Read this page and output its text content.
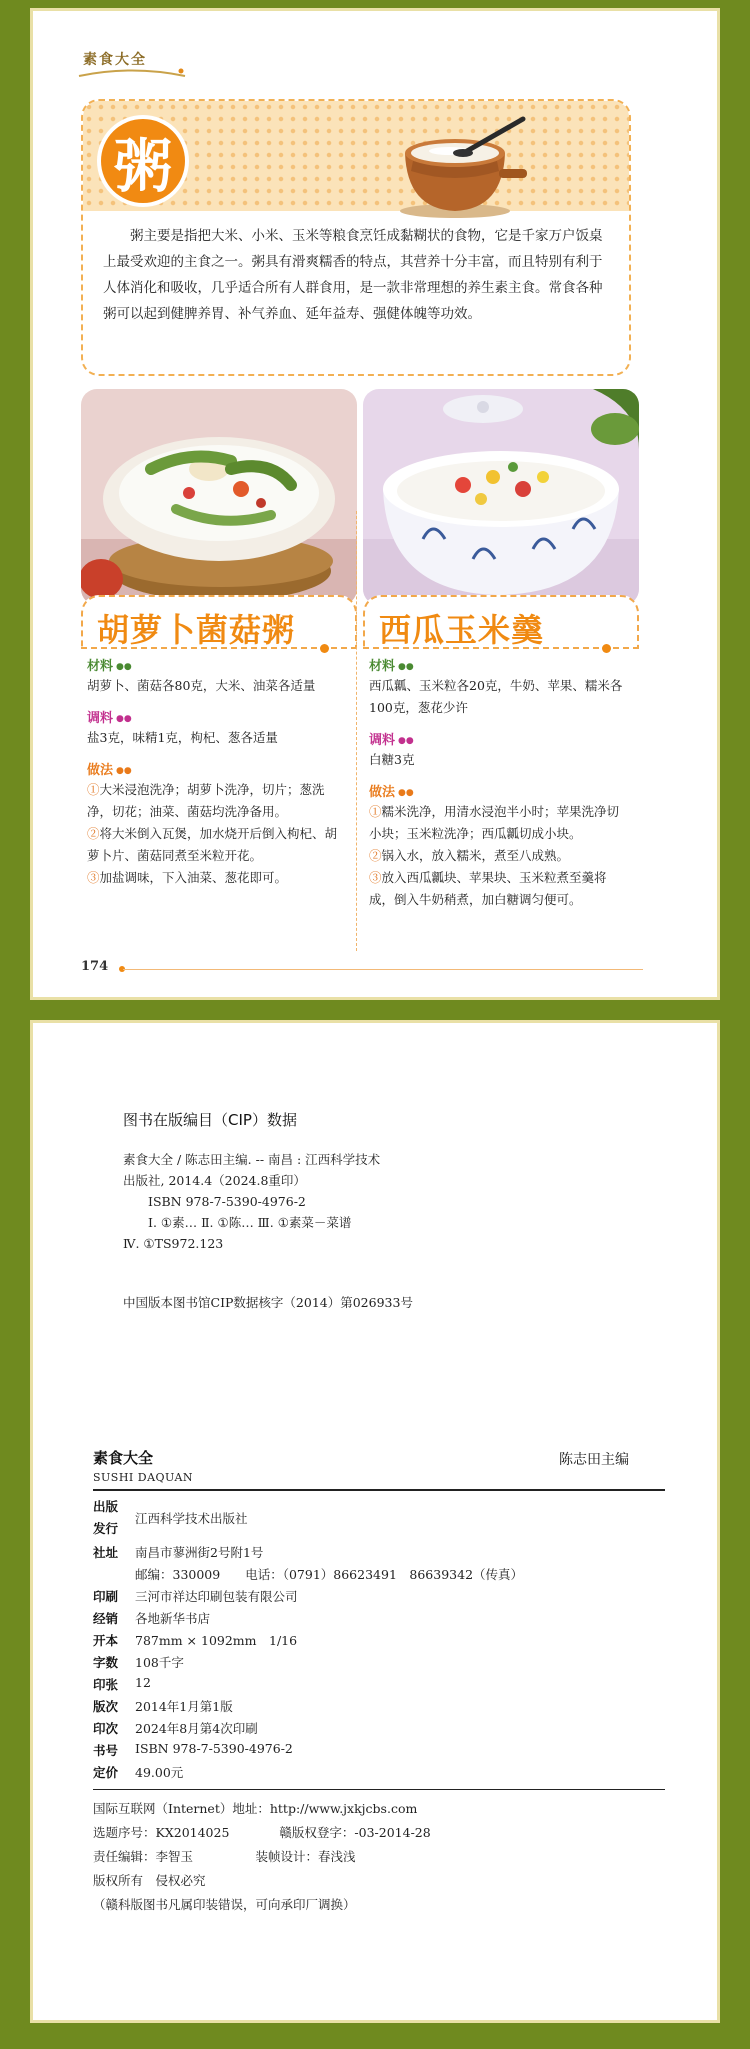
素食大全
粥
粥主要是指把大米、小米、玉米等粮食烹饪成黏糊状的食物，它是千家万户饭桌上最受欢迎的主食之一。粥具有滑爽糯香的特点，其营养十分丰富，而且特别有利于人体消化和吸收，几乎适合所有人群食用，是一款非常理想的养生素主食。常食各种粥可以起到健脾养胃、补气养血、延年益寿、强健体魄等功效。
胡萝卜菌菇粥
材料 ●●
胡萝卜、菌菇各80克，大米、油菜各适量
调料 ●●
盐3克，味精1克，枸杞、葱各适量
做法 ●●
①大米浸泡洗净；胡萝卜洗净，切片；葱洗净，切花；油菜、菌菇均洗净备用。
②将大米倒入瓦煲，加水烧开后倒入枸杞、胡萝卜片、菌菇同煮至米粒开花。
③加盐调味，下入油菜、葱花即可。
西瓜玉米羹
材料 ●●
西瓜瓤、玉米粒各20克，牛奶、苹果、糯米各100克，葱花少许
调料 ●●
白糖3克
做法 ●●
①糯米洗净，用清水浸泡半小时；苹果洗净切小块；玉米粒洗净；西瓜瓤切成小块。
②锅入水，放入糯米，煮至八成熟。
③放入西瓜瓤块、苹果块、玉米粒煮至羹将成，倒入牛奶稍煮，加白糖调匀便可。
174
图书在版编目（CIP）数据
素食大全 / 陈志田主编. -- 南昌 : 江西科学技术
出版社, 2014.4（2024.8重印）
ISBN 978-7-5390-4976-2
Ⅰ. ①素… Ⅱ. ①陈… Ⅲ. ①素菜－菜谱
Ⅳ. ①TS972.123
中国版本图书馆CIP数据核字（2014）第026933号
素食大全
SUSHI DAQUAN
陈志田主编
出版
发行
江西科学技术出版社
社址 南昌市蓼洲街2号附1号
邮编：330009　　电话：（0791）86623491　86639342（传真）
印刷 三河市祥达印刷包装有限公司
经销 各地新华书店
开本 787mm × 1092mm　1/16
字数 108千字
印张 12
版次 2014年1月第1版
印次 2024年8月第4次印刷
书号 ISBN 978-7-5390-4976-2
定价 49.00元
国际互联网（Internet）地址：http://www.jxkjcbs.com
选题序号：KX2014025　　　　赣版权登字：-03-2014-28
责任编辑：李智玉　　　　　装帧设计：春浅浅
版权所有　侵权必究
（赣科版图书凡属印装错误，可向承印厂调换）
